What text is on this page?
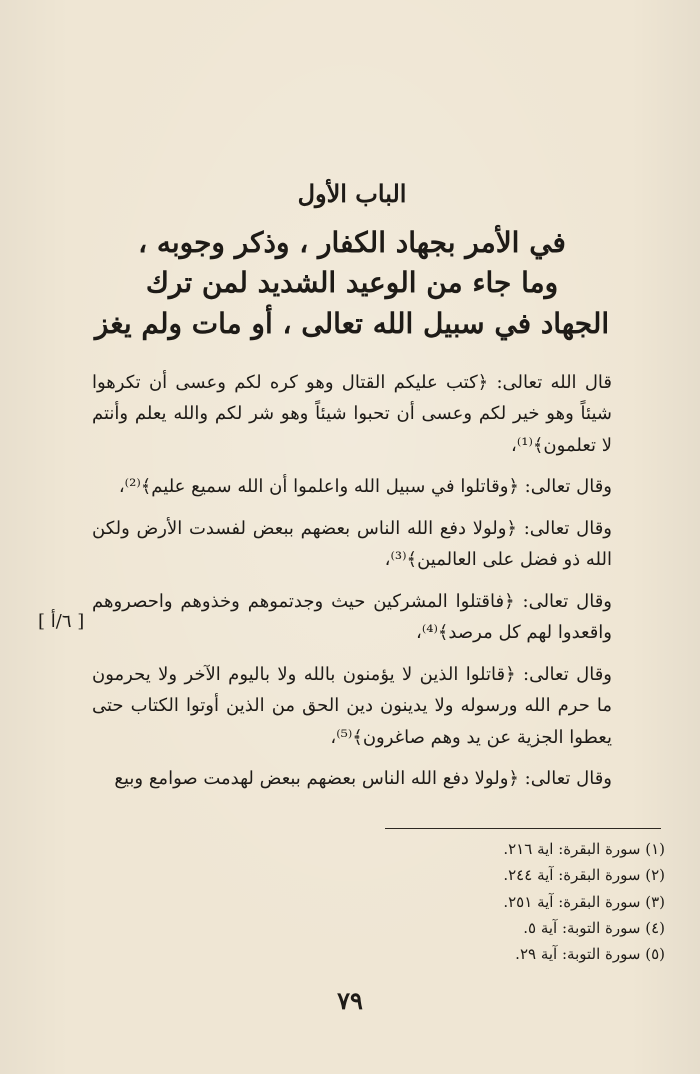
الباب الأول
في الأمر بجهاد الكفار ، وذكر وجوبه ،
وما جاء من الوعيد الشديد لمن ترك
الجهاد في سبيل الله تعالى ، أو مات ولم يغز

قال الله تعالى: ﴿كتب عليكم القتال وهو كره لكم وعسى أن تكرهوا شيئاً وهو خير لكم وعسى أن تحبوا شيئاً وهو شر لكم والله يعلم وأنتم لا تعلمون﴾⁽¹⁾،

وقال تعالى: ﴿وقاتلوا في سبيل الله واعلموا أن الله سميع عليم﴾⁽²⁾،

وقال تعالى: ﴿ولولا دفع الله الناس بعضهم ببعض لفسدت الأرض ولكن الله ذو فضل على العالمين﴾⁽³⁾،

وقال تعالى: ﴿فاقتلوا المشركين حيث وجدتموهم وخذوهم واحصروهم واقعدوا لهم كل مرصد﴾⁽⁴⁾،

وقال تعالى: ﴿قاتلوا الذين لا يؤمنون بالله ولا باليوم الآخر ولا يحرمون ما حرم الله ورسوله ولا يدينون دين الحق من الذين أوتوا الكتاب حتى يعطوا الجزية عن يد وهم صاغرون﴾⁽⁵⁾،

وقال تعالى: ﴿ولولا دفع الله الناس بعضهم ببعض لهدمت صوامع وبيع

[ ٦/أ ]
(١) سورة البقرة: اية ٢١٦.
(٢) سورة البقرة: آية ٢٤٤.
(٣) سورة البقرة: آية ٢٥١.
(٤) سورة التوبة: آية ٥.
(٥) سورة التوبة: آية ٢٩.
٧٩
